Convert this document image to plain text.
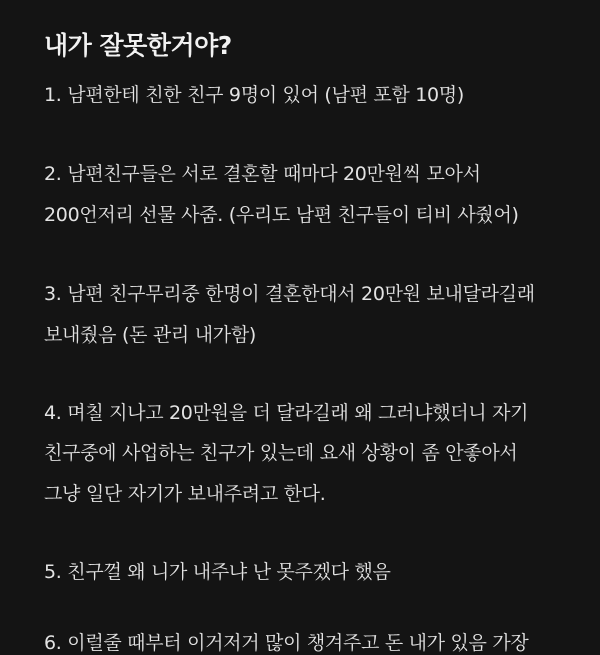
내가 잘못한거야?
1. 남편한테 친한 친구 9명이 있어 (남편 포함 10명)
2. 남편친구들은 서로 결혼할 때마다 20만원씩 모아서
200언저리 선물 사줌. (우리도 남편 친구들이 티비 사줬어)
3. 남편 친구무리중 한명이 결혼한대서 20만원 보내달라길래
보내줬음 (돈 관리 내가함)
4. 며칠 지나고 20만원을 더 달라길래 왜 그러냐했더니 자기
친구중에 사업하는 친구가 있는데 요새 상황이 좀 안좋아서
그냥 일단 자기가 보내주려고 한다.
5. 친구껄 왜 니가 내주냐 난 못주겠다 했음
6. 이럴줄 때부터 이거저거 많이 챙겨주고 돈 내가 있음 가장
